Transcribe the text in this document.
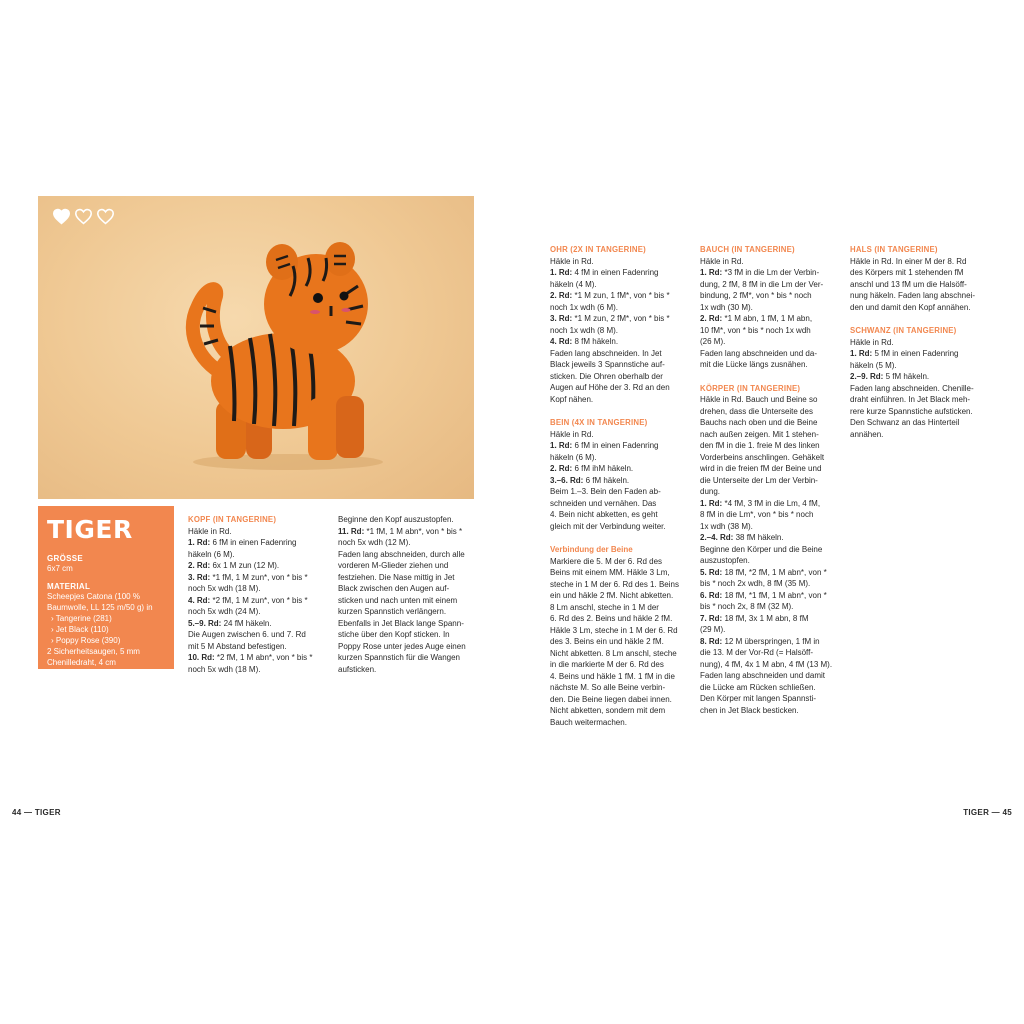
TIGER
GRÖSSE
6x7 cm
MATERIAL
Scheepjes Catona (100 %
Baumwolle, LL 125 m/50 g) in
› Tangerine (281)
› Jet Black (110)
› Poppy Rose (390)
2 Sicherheitsaugen, 5 mm
Chenilledraht, 4 cm

KOPF (IN TANGERINE)

Häkle in Rd.

1. Rd: 6 fM in einen Fadenring

häkeln (6 M).

2. Rd: 6x 1 M zun (12 M).

3. Rd: *1 fM, 1 M zun*, von * bis *

noch 5x wdh (18 M).

4. Rd: *2 fM, 1 M zun*, von * bis *

noch 5x wdh (24 M).

5.–9. Rd: 24 fM häkeln.

Die Augen zwischen 6. und 7. Rd

mit 5 M Abstand befestigen.

10. Rd: *2 fM, 1 M abn*, von * bis *

noch 5x wdh (18 M).

Beginne den Kopf auszustopfen.

11. Rd: *1 fM, 1 M abn*, von * bis *

noch 5x wdh (12 M).

Faden lang abschneiden, durch alle

vorderen M-Glieder ziehen und

festziehen. Die Nase mittig in Jet

Black zwischen den Augen auf-

sticken und nach unten mit einem

kurzen Spannstich verlängern.

Ebenfalls in Jet Black lange Spann-

stiche über den Kopf sticken. In

Poppy Rose unter jedes Auge einen

kurzen Spannstich für die Wangen

aufsticken.

OHR (2X IN TANGERINE)

Häkle in Rd.

1. Rd: 4 fM in einen Fadenring

häkeln (4 M).

2. Rd: *1 M zun, 1 fM*, von * bis *

noch 1x wdh (6 M).

3. Rd: *1 M zun, 2 fM*, von * bis *

noch 1x wdh (8 M).

4. Rd: 8 fM häkeln.

Faden lang abschneiden. In Jet

Black jeweils 3 Spannstiche auf-

sticken. Die Ohren oberhalb der

Augen auf Höhe der 3. Rd an den

Kopf nähen.

BEIN (4X IN TANGERINE)

Häkle in Rd.

1. Rd: 6 fM in einen Fadenring

häkeln (6 M).

2. Rd: 6 fM ihM häkeln.

3.–6. Rd: 6 fM häkeln.

Beim 1.–3. Bein den Faden ab-

schneiden und vernähen. Das

4. Bein nicht abketten, es geht

gleich mit der Verbindung weiter.

Verbindung der Beine

Markiere die 5. M der 6. Rd des

Beins mit einem MM. Häkle 3 Lm,

steche in 1 M der 6. Rd des 1. Beins

ein und häkle 2 fM. Nicht abketten.

8 Lm anschl, steche in 1 M der

6. Rd des 2. Beins und häkle 2 fM.

Häkle 3 Lm, steche in 1 M der 6. Rd

des 3. Beins ein und häkle 2 fM.

Nicht abketten. 8 Lm anschl, steche

in die markierte M der 6. Rd des

4. Beins und häkle 1 fM. 1 fM in die

nächste M. So alle Beine verbin-

den. Die Beine liegen dabei innen.

Nicht abketten, sondern mit dem

Bauch weitermachen.

BAUCH (IN TANGERINE)

Häkle in Rd.

1. Rd: *3 fM in die Lm der Verbin-

dung, 2 fM, 8 fM in die Lm der Ver-

bindung, 2 fM*, von * bis * noch

1x wdh (30 M).

2. Rd: *1 M abn, 1 fM, 1 M abn,

10 fM*, von * bis * noch 1x wdh

(26 M).

Faden lang abschneiden und da-

mit die Lücke längs zusnähen.

KÖRPER (IN TANGERINE)

Häkle in Rd. Bauch und Beine so

drehen, dass die Unterseite des

Bauchs nach oben und die Beine

nach außen zeigen. Mit 1 stehen-

den fM in die 1. freie M des linken

Vorderbeins anschlingen. Gehäkelt

wird in die freien fM der Beine und

die Unterseite der Lm der Verbin-

dung.

1. Rd: *4 fM, 3 fM in die Lm, 4 fM,

8 fM in die Lm*, von * bis * noch

1x wdh (38 M).

2.–4. Rd: 38 fM häkeln.

Beginne den Körper und die Beine

auszustopfen.

5. Rd: 18 fM, *2 fM, 1 M abn*, von *

bis * noch 2x wdh, 8 fM (35 M).

6. Rd: 18 fM, *1 fM, 1 M abn*, von *

bis * noch 2x, 8 fM (32 M).

7. Rd: 18 fM, 3x 1 M abn, 8 fM

(29 M).

8. Rd: 12 M überspringen, 1 fM in

die 13. M der Vor-Rd (= Halsöff-

nung), 4 fM, 4x 1 M abn, 4 fM (13 M).

Faden lang abschneiden und damit

die Lücke am Rücken schließen.

Den Körper mit langen Spannsti-

chen in Jet Black besticken.

HALS (IN TANGERINE)

Häkle in Rd. In einer M der 8. Rd

des Körpers mit 1 stehenden fM

anschl und 13 fM um die Halsöff-

nung häkeln. Faden lang abschnei-

den und damit den Kopf annähen.

SCHWANZ (IN TANGERINE)

Häkle in Rd.

1. Rd: 5 fM in einen Fadenring

häkeln (5 M).

2.–9. Rd: 5 fM häkeln.

Faden lang abschneiden. Chenille-

draht einführen. In Jet Black meh-

rere kurze Spannstiche aufsticken.

Den Schwanz an das Hinterteil

annähen.

44 — TIGER	TIGER — 45
